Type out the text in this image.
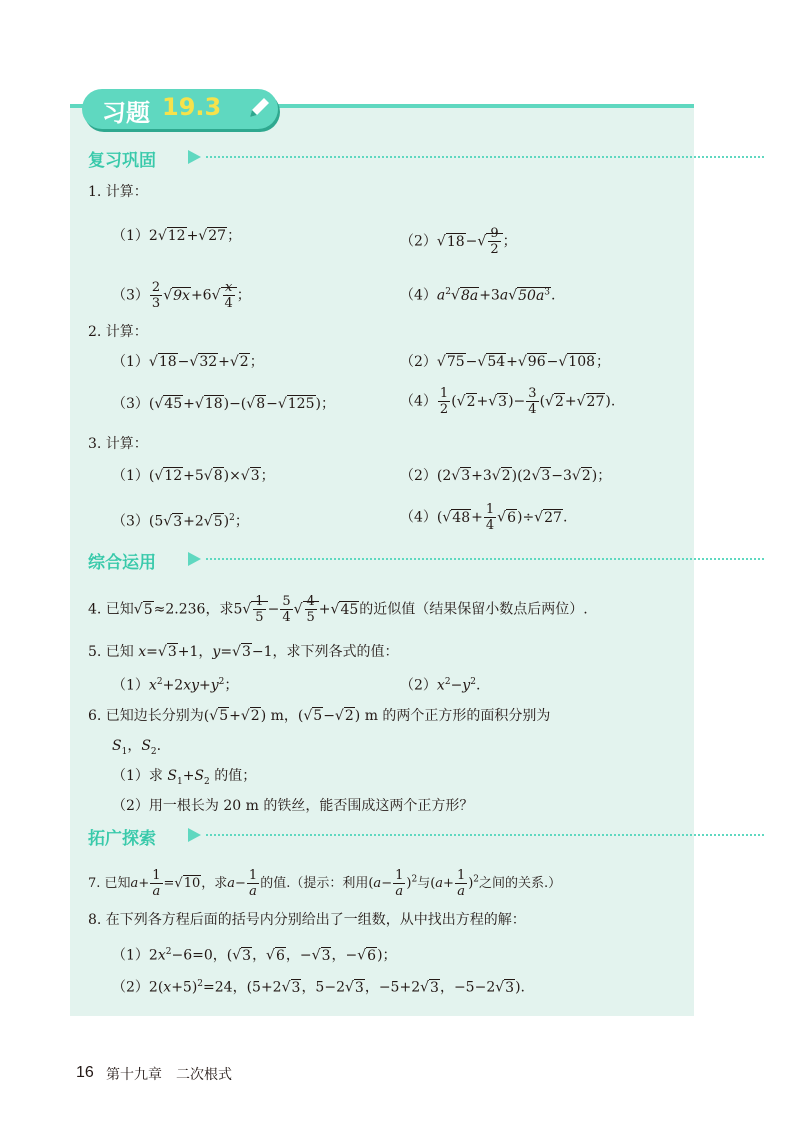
习题 19.3
复习巩固
1. 计算：
（1）2√12+√27；	$(2)√18-√ \frac{9}{2}$ ；
$(3) \frac{2}{3} √9x+6√ \frac{x}{4}$ ；	$(4)a^2√8a+3a√50a^3$.
2. 计算：
（1）√18−√32+√2；	（2）√75−√54+√96−√108；
（3）(√45+√18)−(√8−√125)；	$(4) \frac{1}{2} (√2+√3)- \frac{3}{4} (√2+√27)$.
3. 计算：
（1）(√12+5√8)×√3；	（2）(2√3+3√2)(2√3−3√2)；
$(3)(5√3+2√5)^2$；	$(4)(√48+ \frac{1}{4} √6)\div√27$.
综合运用
4. 已知√5≈2.236，求$5√ \frac{1}{5} - \frac{5}{4}$ √ $\frac{4}{5} +√45$的近似值（结果保留小数点后两位）.
5. 已知 x=√3+1，y=√3−1，求下列各式的值：
$(1)x^2+2xy+y^2$；	$(2)x^2-y^2$.
6. 已知边长分别为(√5+√2) m，(√5−√2) m 的两个正方形的面积分别为
$S_1$，$S_2$.
（1）求 $S_1+S_2$ 的值；
（2）用一根长为 20 m 的铁丝，能否围成这两个正方形？
拓广探索
7. 已知$a+ \frac{1}{a} =√10$，求$a- \frac{1}{a}$ 的值.（提示：利用$(a- \frac{1}{a} )^2$与$(a+ \frac{1}{a} )^2$之间的关系.）
8. 在下列各方程后面的括号内分别给出了一组数，从中找出方程的解：
$(1)2x^2-6=0$，(√3，√6，−√3，−√6)；
$(2)2(x+5)^2=24$，(5+2√3，5−2√3，−5+2√3，−5−2√3).
16 第十九章　二次根式
